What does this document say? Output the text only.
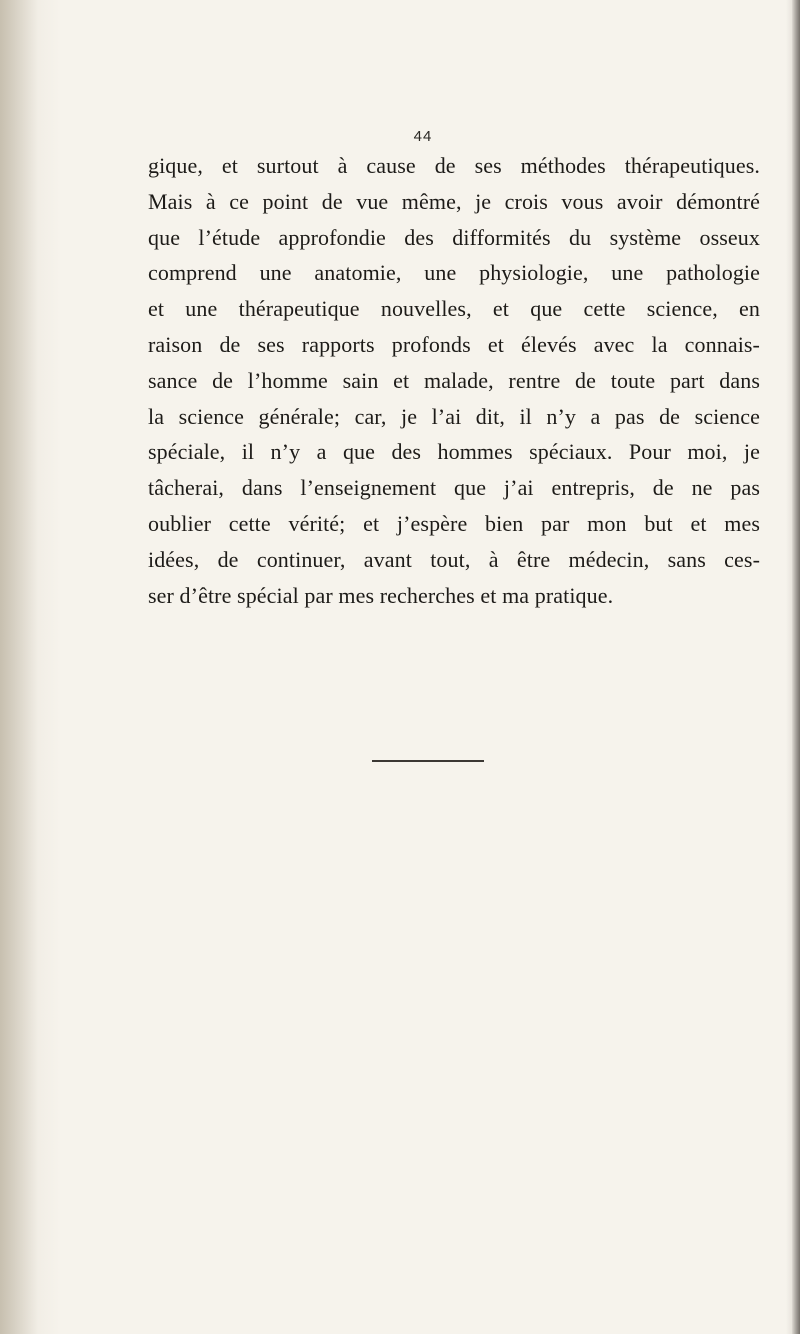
44
gique, et surtout à cause de ses méthodes thérapeutiques.
Mais à ce point de vue même, je crois vous avoir démontré
que l’étude approfondie des difformités du système osseux
comprend une anatomie, une physiologie, une pathologie
et une thérapeutique nouvelles, et que cette science, en
raison de ses rapports profonds et élevés avec la connais-
sance de l’homme sain et malade, rentre de toute part dans
la science générale; car, je l’ai dit, il n’y a pas de science
spéciale, il n’y a que des hommes spéciaux. Pour moi, je
tâcherai, dans l’enseignement que j’ai entrepris, de ne pas
oublier cette vérité; et j’espère bien par mon but et mes
idées, de continuer, avant tout, à être médecin, sans ces-
ser d’être spécial par mes recherches et ma pratique.
